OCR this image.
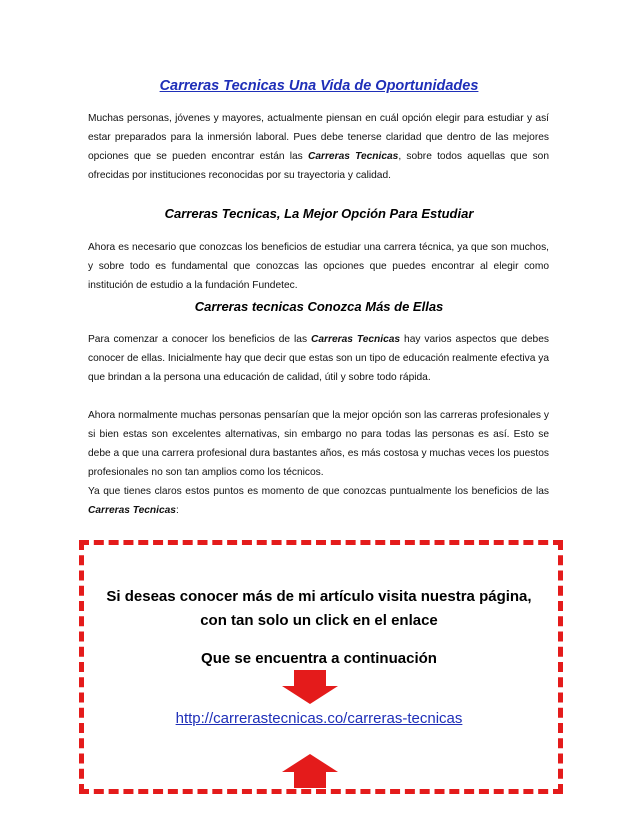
Carreras Tecnicas Una Vida de Oportunidades

Muchas personas, jóvenes y mayores, actualmente piensan en cuál opción elegir para estudiar y así estar preparados para la inmersión laboral. Pues debe tenerse claridad que dentro de las mejores opciones que se pueden encontrar están las Carreras Tecnicas, sobre todos aquellas que son ofrecidas por instituciones reconocidas por su trayectoria y calidad.

Carreras Tecnicas, La Mejor Opción Para Estudiar

Ahora es necesario que conozcas los beneficios de estudiar una carrera técnica, ya que son muchos, y sobre todo es fundamental que conozcas las opciones que puedes encontrar al elegir como institución de estudio a la fundación Fundetec.

Carreras tecnicas Conozca Más de Ellas

Para comenzar a conocer los beneficios de las Carreras Tecnicas hay varios aspectos que debes conocer de ellas. Inicialmente hay que decir que estas son un tipo de educación realmente efectiva ya que brindan a la persona una educación de calidad, útil y sobre todo rápida.

Ahora normalmente muchas personas pensarían que la mejor opción son las carreras profesionales y si bien estas son excelentes alternativas, sin embargo no para todas las personas es así. Esto se debe a que una carrera profesional dura bastantes años, es más costosa y muchas veces los puestos profesionales no son tan amplios como los técnicos.

Ya que tienes claros estos puntos es momento de que conozcas puntualmente los beneficios de las Carreras Tecnicas:

Si deseas conocer más de mi artículo visita nuestra página,
con tan solo un click en el enlace
Que se encuentra a continuación
http://carrerastecnicas.co/carreras-tecnicas
